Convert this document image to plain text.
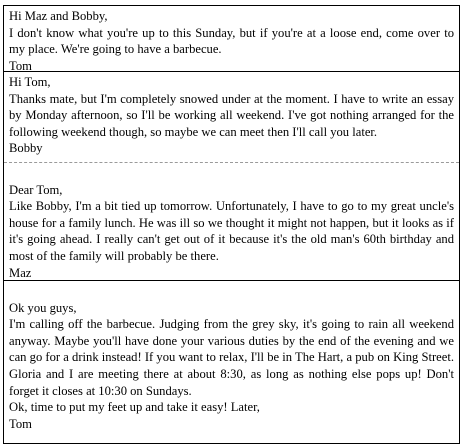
Hi Maz and Bobby,

I don't know what you're up to this Sunday, but if you're at a loose end, come over to my place. We're going to have a barbecue.

Tom

Hi Tom,

Thanks mate, but I'm completely snowed under at the moment. I have to write an essay by Monday afternoon, so I'll be working all weekend. I've got nothing arranged for the following weekend though, so maybe we can meet then I'll call you later.

Bobby

Dear Tom,

Like Bobby, I'm a bit tied up tomorrow. Unfortunately, I have to go to my great uncle's house for a family lunch. He was ill so we thought it might not happen, but it looks as if it's going ahead. I really can't get out of it because it's the old man's 60th birthday and most of the family will probably be there.

Maz

Ok you guys,

I'm calling off the barbecue. Judging from the grey sky, it's going to rain all weekend anyway. Maybe you'll have done your various duties by the end of the evening and we can go for a drink instead! If you want to relax, I'll be in The Hart, a pub on King Street. Gloria and I are meeting there at about 8:30, as long as nothing else pops up! Don't forget it closes at 10:30 on Sundays.

Ok, time to put my feet up and take it easy! Later,

Tom
